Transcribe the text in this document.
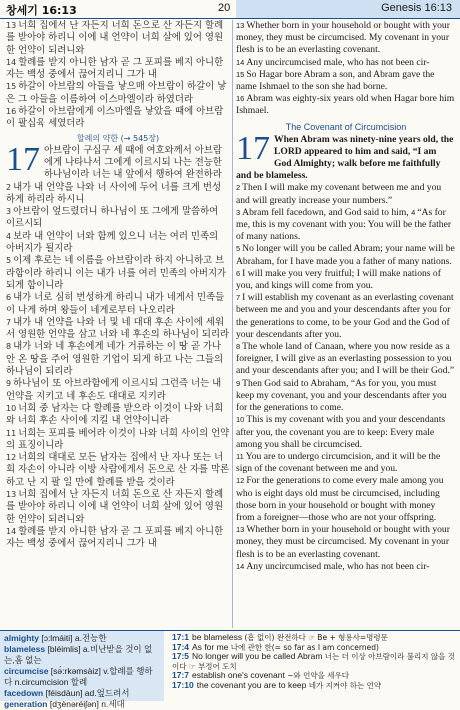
창세기 16:13	20	Genesis 16:13

13 너희 집에서 난 자든지 너희 돈으로 산 자든지 할례를 받아야 하리니 이에 내 언약이 너희 살에 있어 영원한 언약이 되려니와

14 할례를 받지 아니한 남자 곧 그 포피를 베지 아니한 자는 백성 중에서 끊어지리니 그가 내

15 하갈이 아브람의 아들을 낳으매 아브람이 하갈이 낳은 그 아들을 이름하여 이스마엘이라 하였더라

16 하갈이 아브람에게 이스마엘을 낳았을 때에 아브람이 팔십육 세였더라

할례의 약한 (→ 545장)

17 아브람이 구십구 세 때에 여호와께서 아브람에게 나타나서 그에게 이르시되 나는 전능한 하나님이라 너는 내 앞에서 행하여 완전하라

2 내가 내 언약을 나와 너 사이에 두어 너를 크게 번성하게 하리라 하시니

3 아브람이 엎드렸더니 하나님이 또 그에게 말씀하여 이르시되

4 보라 내 언약이 너와 함께 있으니 너는 여러 민족의 아버지가 될지라

5 이제 후로는 네 이름을 아브람이라 하지 아니하고 브라함이라 하리니 이는 내가 너를 여러 민족의 아버지가 되게 함이니라

6 내가 너로 심히 번성하게 하리니 내가 네게서 민족들이 나게 하며 왕들이 네게로부터 나오리라

7 내가 내 언약을 나와 너 및 네 대대 후손 사이에 세워서 영원한 언약을 삼고 너와 네 후손의 하나님이 되리라

8 내가 너와 네 후손에게 네가 거류하는 이 땅 곧 가나안 온 땅을 주어 영원한 기업이 되게 하고 나는 그들의 하나님이 되리라

9 하나님이 또 아브라함에게 이르시되 그런즉 너는 내 언약을 지키고 네 후손도 대대로 지키라

10 너희 중 남자는 다 할례를 받으라 이것이 나와 너희와 너희 후손 사이에 지킬 내 언약이니라

11 너희는 포피를 베어라 이것이 나와 너희 사이의 언약의 표징이니라

12 너희의 대대로 모든 남자는 집에서 난 자나 또는 너희 자손이 아니라 이방 사람에게서 돈으로 산 자를 막론하고 난 지 팔 일 만에 할례를 받을 것이라

13 너희 집에서 난 자든지 너희 돈으로 산 자든지 할례를 받아야 하리니 이에 내 언약이 너희 살에 있어 영원한 언약이 되려니와

14 할례를 받지 아니한 남자 곧 그 포피를 베지 아니한 자는 백성 중에서 끊어지리니 그가 내

13 Whether born in your household or bought with your money, they must be circumcised. My covenant in your flesh is to be an everlasting covenant.

14 Any uncircumcised male, who has not been cir-

15 So Hagar bore Abram a son, and Abram gave the name Ishmael to the son she had borne.

16 Abram was eighty-six years old when Hagar bore him Ishmael.

The Covenant of Circumcision

17 When Abram was ninety-nine years old, the LORD appeared to him and said, “I am God Almighty; walk before me faithfully and be blameless.

2 Then I will make my covenant between me and you and will greatly increase your numbers.”

3 Abram fell facedown, and God said to him, 4 “As for me, this is my covenant with you: You will be the father of many nations.

5 No longer will you be called Abram; your name will be Abraham, for I have made you a father of many nations.

6 I will make you very fruitful; I will make nations of you, and kings will come from you.

7 I will establish my covenant as an everlasting covenant between me and you and your descendants after you for the generations to come, to be your God and the God of your descendants after you.

8 The whole land of Canaan, where you now reside as a foreigner, I will give as an everlasting possession to you and your descendants after you; and I will be their God.”

9 Then God said to Abraham, “As for you, you must keep my covenant, you and your descendants after you for the generations to come.

10 This is my covenant with you and your descendants after you, the covenant you are to keep: Every male among you shall be circumcised.

11 You are to undergo circumcision, and it will be the sign of the covenant between me and you.

12 For the generations to come every male among you who is eight days old must be circumcised, including those born in your household or bought with money from a foreigner—those who are not your offspring.

13 Whether born in your household or bought with your money, they must be circumcised. My covenant in your flesh is to be an everlasting covenant.

14 Any uncircumcised male, who has not been cir-

almighty [ɔ:lmáiti] a.전능한
blameless [bléimlis] a.비난받을 것이 없는,흠 없는
circumcise [sə́:rkəmsàiz] v.할례를 행하다 n.circumcision 할례
facedown [féisdàun] ad.엎드려서
generation [dʒènəréiʃən] n.세대
17:1 be blameless (흠 없이) 완전하다 ☞ Be + 형용사=명령문
17:4 As for me 나에 관한 한(= so far as I am concerned)
17:5 No longer will you be called Abram 너는 더 이상 아브람이라 불리지 않을 것이다 ☞ 부정어 도치
17:7 establish one's covenant ~와 언약을 세우다
17:10 the covenant you are to keep 네가 지켜야 하는 언약
